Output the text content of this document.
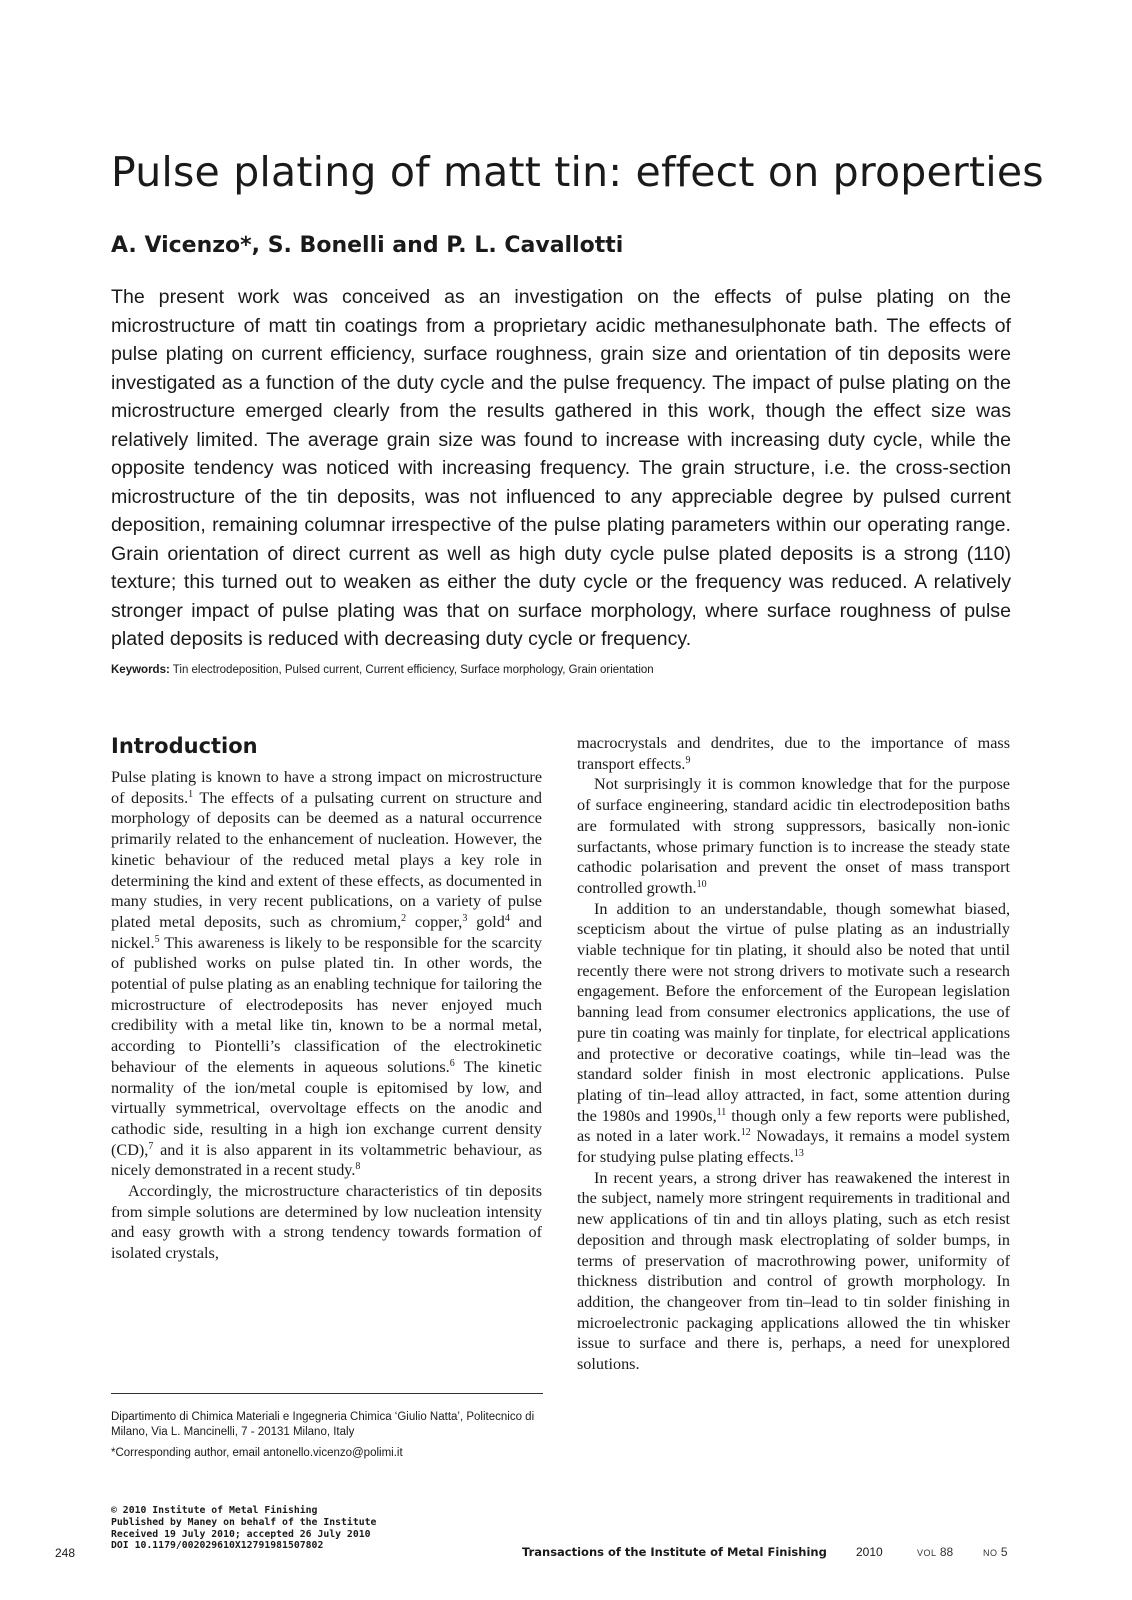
Pulse plating of matt tin: effect on properties
A. Vicenzo*, S. Bonelli and P. L. Cavallotti

The present work was conceived as an investigation on the effects of pulse plating on the microstructure of matt tin coatings from a proprietary acidic methanesulphonate bath. The effects of pulse plating on current efficiency, surface roughness, grain size and orientation of tin deposits were investigated as a function of the duty cycle and the pulse frequency. The impact of pulse plating on the microstructure emerged clearly from the results gathered in this work, though the effect size was relatively limited. The average grain size was found to increase with increasing duty cycle, while the opposite tendency was noticed with increasing frequency. The grain structure, i.e. the cross-section microstructure of the tin deposits, was not influenced to any appreciable degree by pulsed current deposition, remaining columnar irrespective of the pulse plating parameters within our operating range. Grain orientation of direct current as well as high duty cycle pulse plated deposits is a strong (110) texture; this turned out to weaken as either the duty cycle or the frequency was reduced. A relatively stronger impact of pulse plating was that on surface morphology, where surface roughness of pulse plated deposits is reduced with decreasing duty cycle or frequency.

Keywords: Tin electrodeposition, Pulsed current, Current efficiency, Surface morphology, Grain orientation
Introduction

Pulse plating is known to have a strong impact on microstructure of deposits.$^1$ The effects of a pulsating current on structure and morphology of deposits can be deemed as a natural occurrence primarily related to the enhancement of nucleation. However, the kinetic behaviour of the reduced metal plays a key role in determining the kind and extent of these effects, as documented in many studies, in very recent publications, on a variety of pulse plated metal deposits, such as chromium,$^2$ copper,$^3$ gold$^4$ and nickel.$^5$ This awareness is likely to be responsible for the scarcity of published works on pulse plated tin. In other words, the potential of pulse plating as an enabling technique for tailoring the microstructure of electrodeposits has never enjoyed much credibility with a metal like tin, known to be a normal metal, according to Piontelli’s classification of the electrokinetic behaviour of the elements in aqueous solutions.$^6$ The kinetic normality of the ion/metal couple is epitomised by low, and virtually symmetrical, overvoltage effects on the anodic and cathodic side, resulting in a high ion exchange current density (CD),$^7$ and it is also apparent in its voltammetric behaviour, as nicely demonstrated in a recent study.$^8$

Accordingly, the microstructure characteristics of tin deposits from simple solutions are determined by low nucleation intensity and easy growth with a strong tendency towards formation of isolated crystals,

macrocrystals and dendrites, due to the importance of mass transport effects.$^9$

Not surprisingly it is common knowledge that for the purpose of surface engineering, standard acidic tin electrodeposition baths are formulated with strong suppressors, basically non-ionic surfactants, whose primary function is to increase the steady state cathodic polarisation and prevent the onset of mass transport controlled growth.$^{10}$

In addition to an understandable, though somewhat biased, scepticism about the virtue of pulse plating as an industrially viable technique for tin plating, it should also be noted that until recently there were not strong drivers to motivate such a research engagement. Before the enforcement of the European legislation banning lead from consumer electronics applications, the use of pure tin coating was mainly for tinplate, for electrical applications and protective or decorative coatings, while tin–lead was the standard solder finish in most electronic applications. Pulse plating of tin–lead alloy attracted, in fact, some attention during the 1980s and 1990s,$^{11}$ though only a few reports were published, as noted in a later work.$^{12}$ Nowadays, it remains a model system for studying pulse plating effects.$^{13}$

In recent years, a strong driver has reawakened the interest in the subject, namely more stringent requirements in traditional and new applications of tin and tin alloys plating, such as etch resist deposition and through mask electroplating of solder bumps, in terms of preservation of macrothrowing power, uniformity of thickness distribution and control of growth morphology. In addition, the changeover from tin–lead to tin solder finishing in microelectronic packaging applications allowed the tin whisker issue to surface and there is, perhaps, a need for unexplored solutions.

Dipartimento di Chimica Materiali e Ingegneria Chimica ‘Giulio Natta’, Politecnico di Milano, Via L. Mancinelli, 7 - 20131 Milano, Italy
*Corresponding author, email antonello.vicenzo@polimi.it
© 2010 Institute of Metal Finishing
Published by Maney on behalf of the Institute
Received 19 July 2010; accepted 26 July 2010
DOI 10.1179/002029610X12791981507802
248	Transactions of the Institute of Metal Finishing 2010	VOL 88	NO 5
